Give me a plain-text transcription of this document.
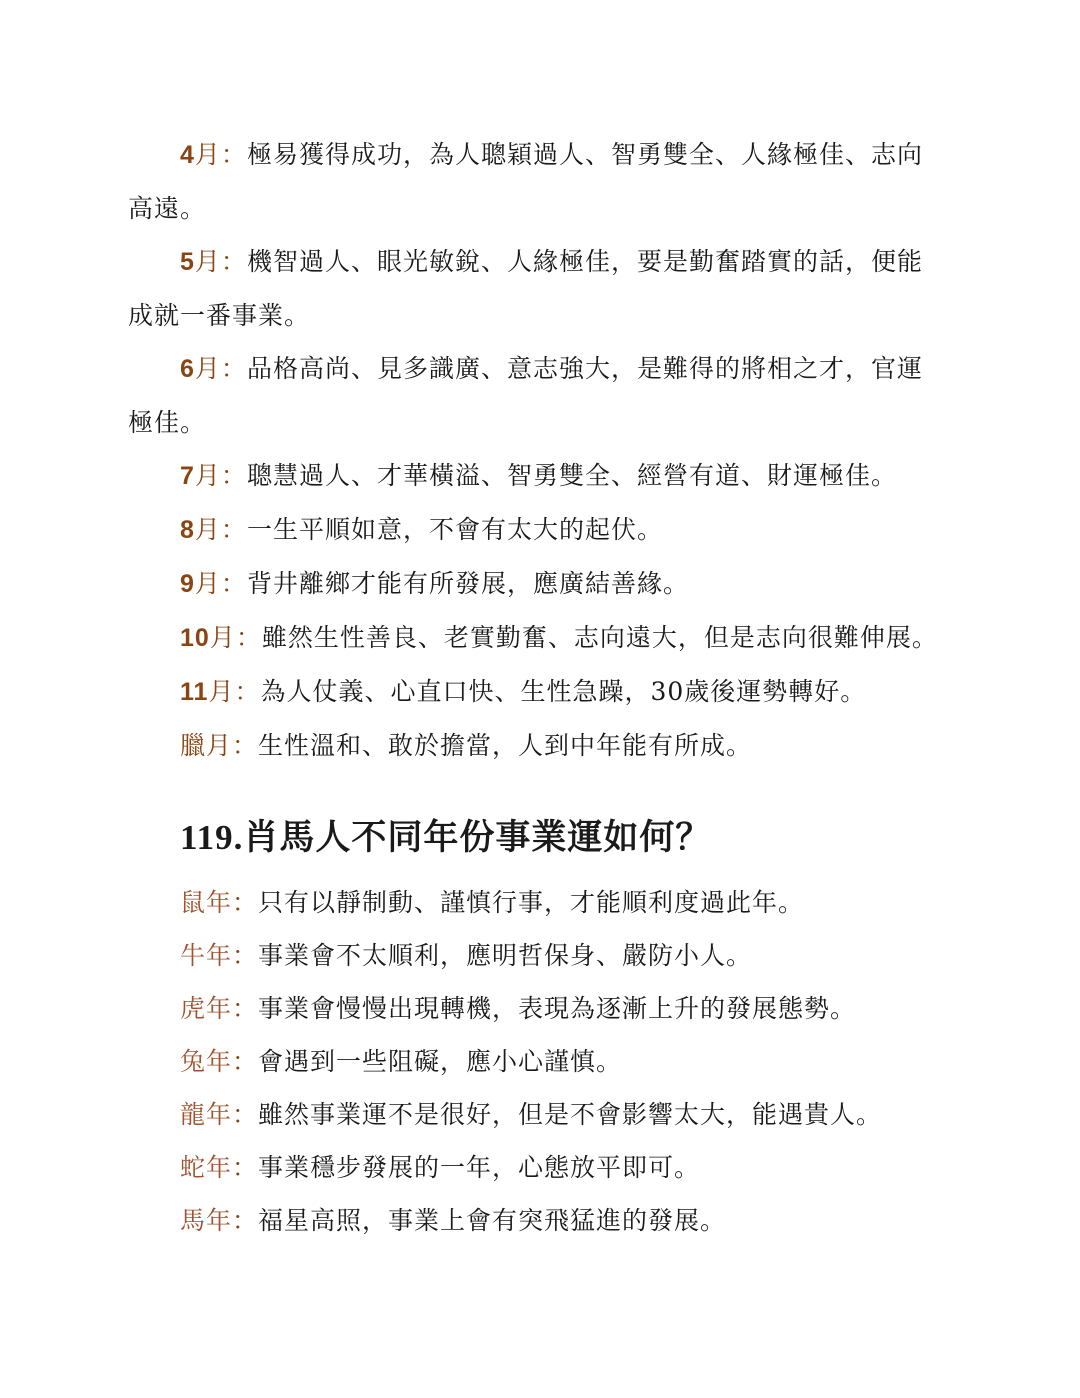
4月：極易獲得成功，為人聰穎過人、智勇雙全、人緣極佳、志向高遠。

5月：機智過人、眼光敏銳、人緣極佳，要是勤奮踏實的話，便能成就一番事業。

6月：品格高尚、見多識廣、意志強大，是難得的將相之才，官運極佳。

7月：聰慧過人、才華橫溢、智勇雙全、經營有道、財運極佳。

8月：一生平順如意，不會有太大的起伏。

9月：背井離鄉才能有所發展，應廣結善緣。

10月：雖然生性善良、老實勤奮、志向遠大，但是志向很難伸展。

11月：為人仗義、心直口快、生性急躁，30歲後運勢轉好。

臘月：生性溫和、敢於擔當，人到中年能有所成。

119.肖馬人不同年份事業運如何？

鼠年：只有以靜制動、謹慎行事，才能順利度過此年。

牛年：事業會不太順利，應明哲保身、嚴防小人。

虎年：事業會慢慢出現轉機，表現為逐漸上升的發展態勢。

兔年：會遇到一些阻礙，應小心謹慎。

龍年：雖然事業運不是很好，但是不會影響太大，能遇貴人。

蛇年：事業穩步發展的一年，心態放平即可。

馬年：福星高照，事業上會有突飛猛進的發展。
